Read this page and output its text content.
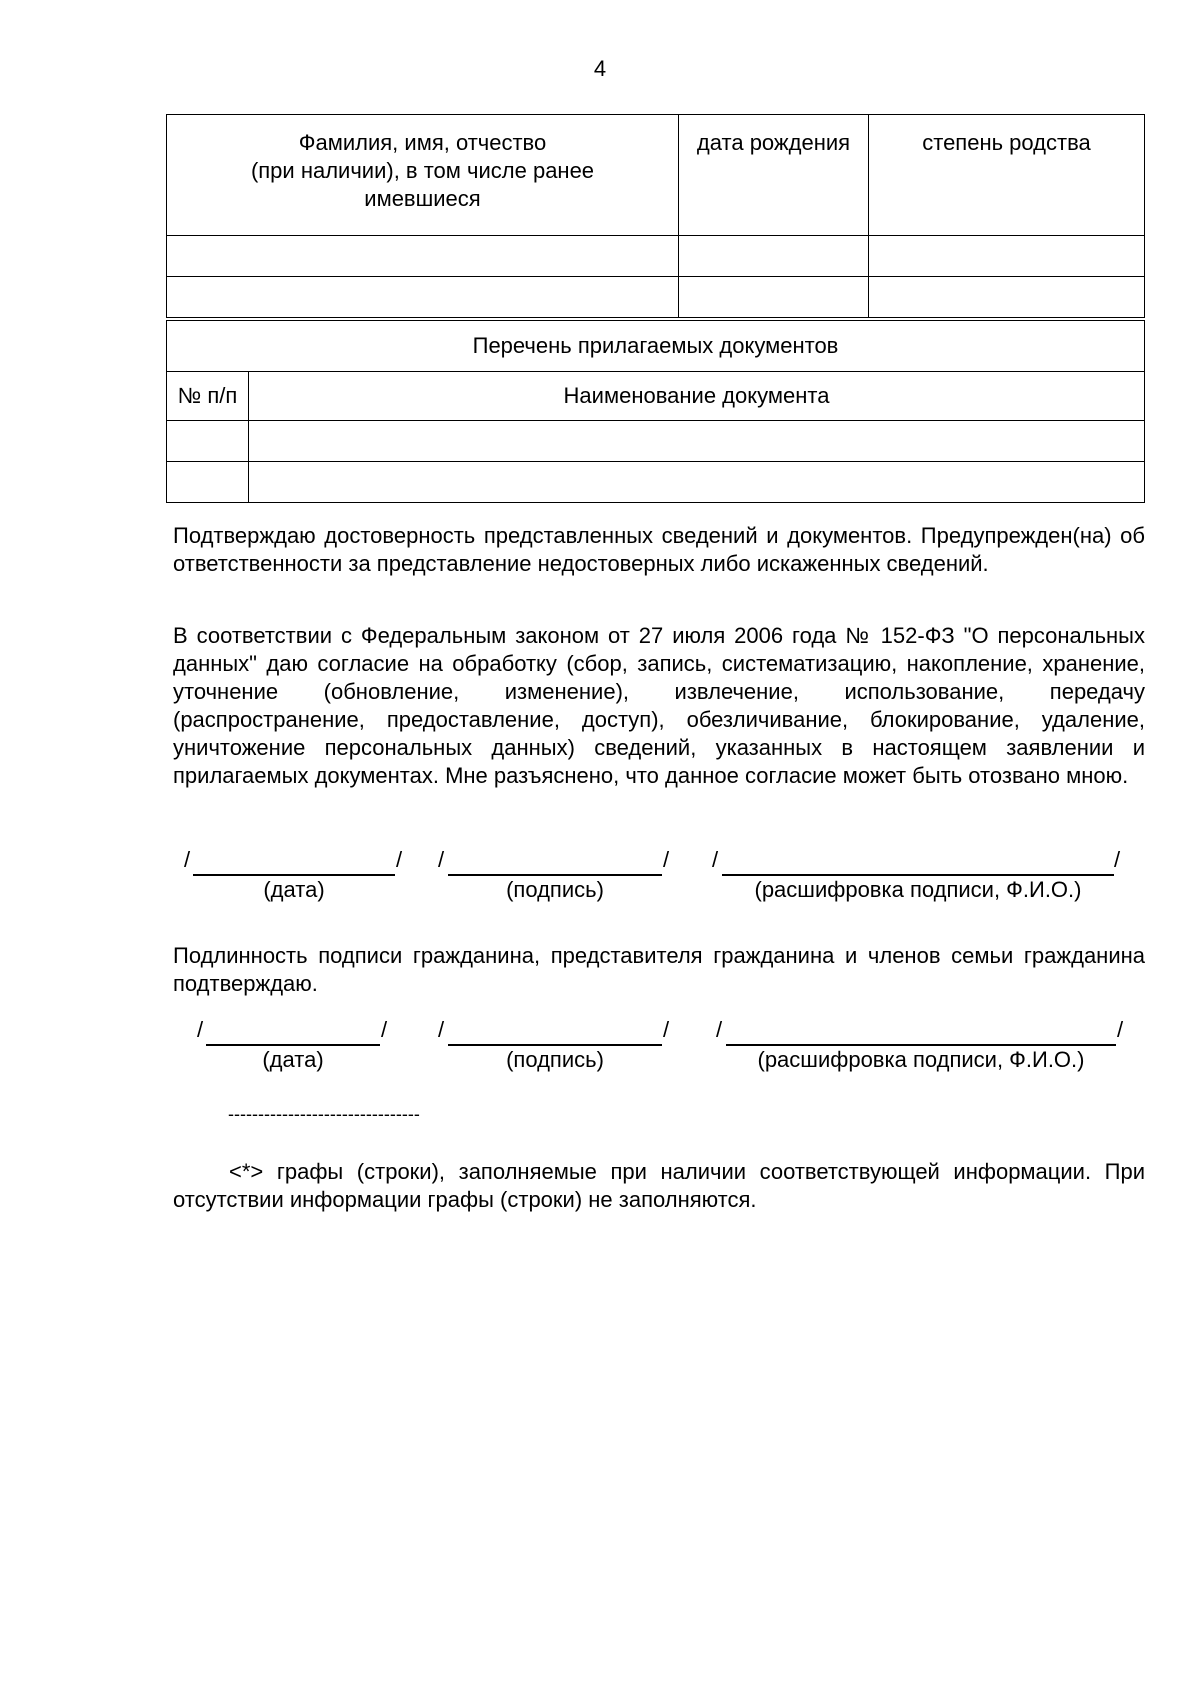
4
Фамилия, имя, отчество
(при наличии), в том числе ранее
имевшиеся	дата рождения	степень родства

Перечень прилагаемых документов	
№ п/п	Наименование документа

Подтверждаю достоверность представленных сведений и документов. Предупрежден(на) об ответственности за представление недостоверных либо искаженных сведений.
В соответствии с Федеральным законом от 27 июля 2006 года № 152-ФЗ "О персональных данных" даю согласие на обработку (сбор, запись, систематизацию, накопление, хранение, уточнение (обновление, изменение), извлечение, использование, передачу (распространение, предоставление, доступ), обезличивание, блокирование, удаление, уничтожение персональных данных) сведений, указанных в настоящем заявлении и прилагаемых документах. Мне разъяснено, что данное согласие может быть отозвано мною.
/	/ /	/ /	/
(дата)	(подпись)	(расшифровка подписи, Ф.И.О.)
Подлинность подписи гражданина, представителя гражданина и членов семьи гражданина подтверждаю.
/	/ /	/ /	/
(дата)	(подпись)	(расшифровка подписи, Ф.И.О.)
--------------------------------
<*> графы (строки), заполняемые при наличии соответствующей информации. При отсутствии информации графы (строки) не заполняются.
